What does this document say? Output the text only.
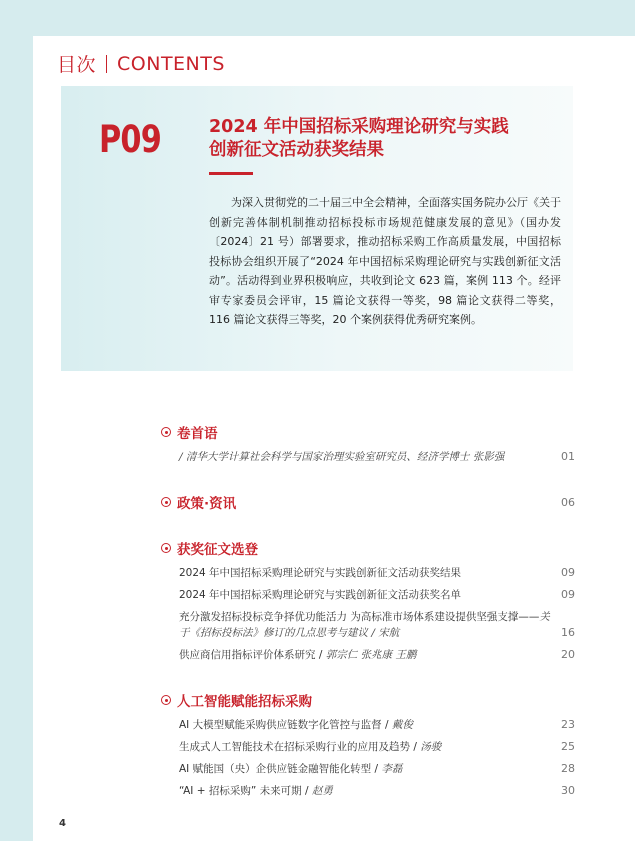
目次 CONTENTS
P09	2024 年中国招标采购理论研究与实践
创新征文活动获奖结果
为深入贯彻党的二十届三中全会精神，全面落实国务院办公厅《关于创新完善体制机制推动招标投标市场规范健康发展的意见》（国办发〔2024〕21 号）部署要求，推动招标采购工作高质量发展，中国招标投标协会组织开展了“2024 年中国招标采购理论研究与实践创新征文活动”。活动得到业界积极响应，共收到论文 623 篇，案例 113 个。经评审专家委员会评审，15 篇论文获得一等奖，98 篇论文获得二等奖，116 篇论文获得三等奖，20 个案例获得优秀研究案例。
卷首语
/ 清华大学计算社会科学与国家治理实验室研究员、经济学博士 张影强	01
政策·资讯	06
获奖征文选登
2024 年中国招标采购理论研究与实践创新征文活动获奖结果	09
2024 年中国招标采购理论研究与实践创新征文活动获奖名单	09
充分激发招标投标竞争择优功能活力 为高标准市场体系建设提供坚强支撑——关于《招标投标法》修订的几点思考与建议 / 宋航	16
供应商信用指标评价体系研究 / 郭宗仁 张兆康 王鹏	20
人工智能赋能招标采购
AI 大模型赋能采购供应链数字化管控与监督 / 戴俊	23
生成式人工智能技术在招标采购行业的应用及趋势 / 汤骏	25
AI 赋能国（央）企供应链金融智能化转型 / 李磊	28
“AI + 招标采购” 未来可期 / 赵勇	30
4
